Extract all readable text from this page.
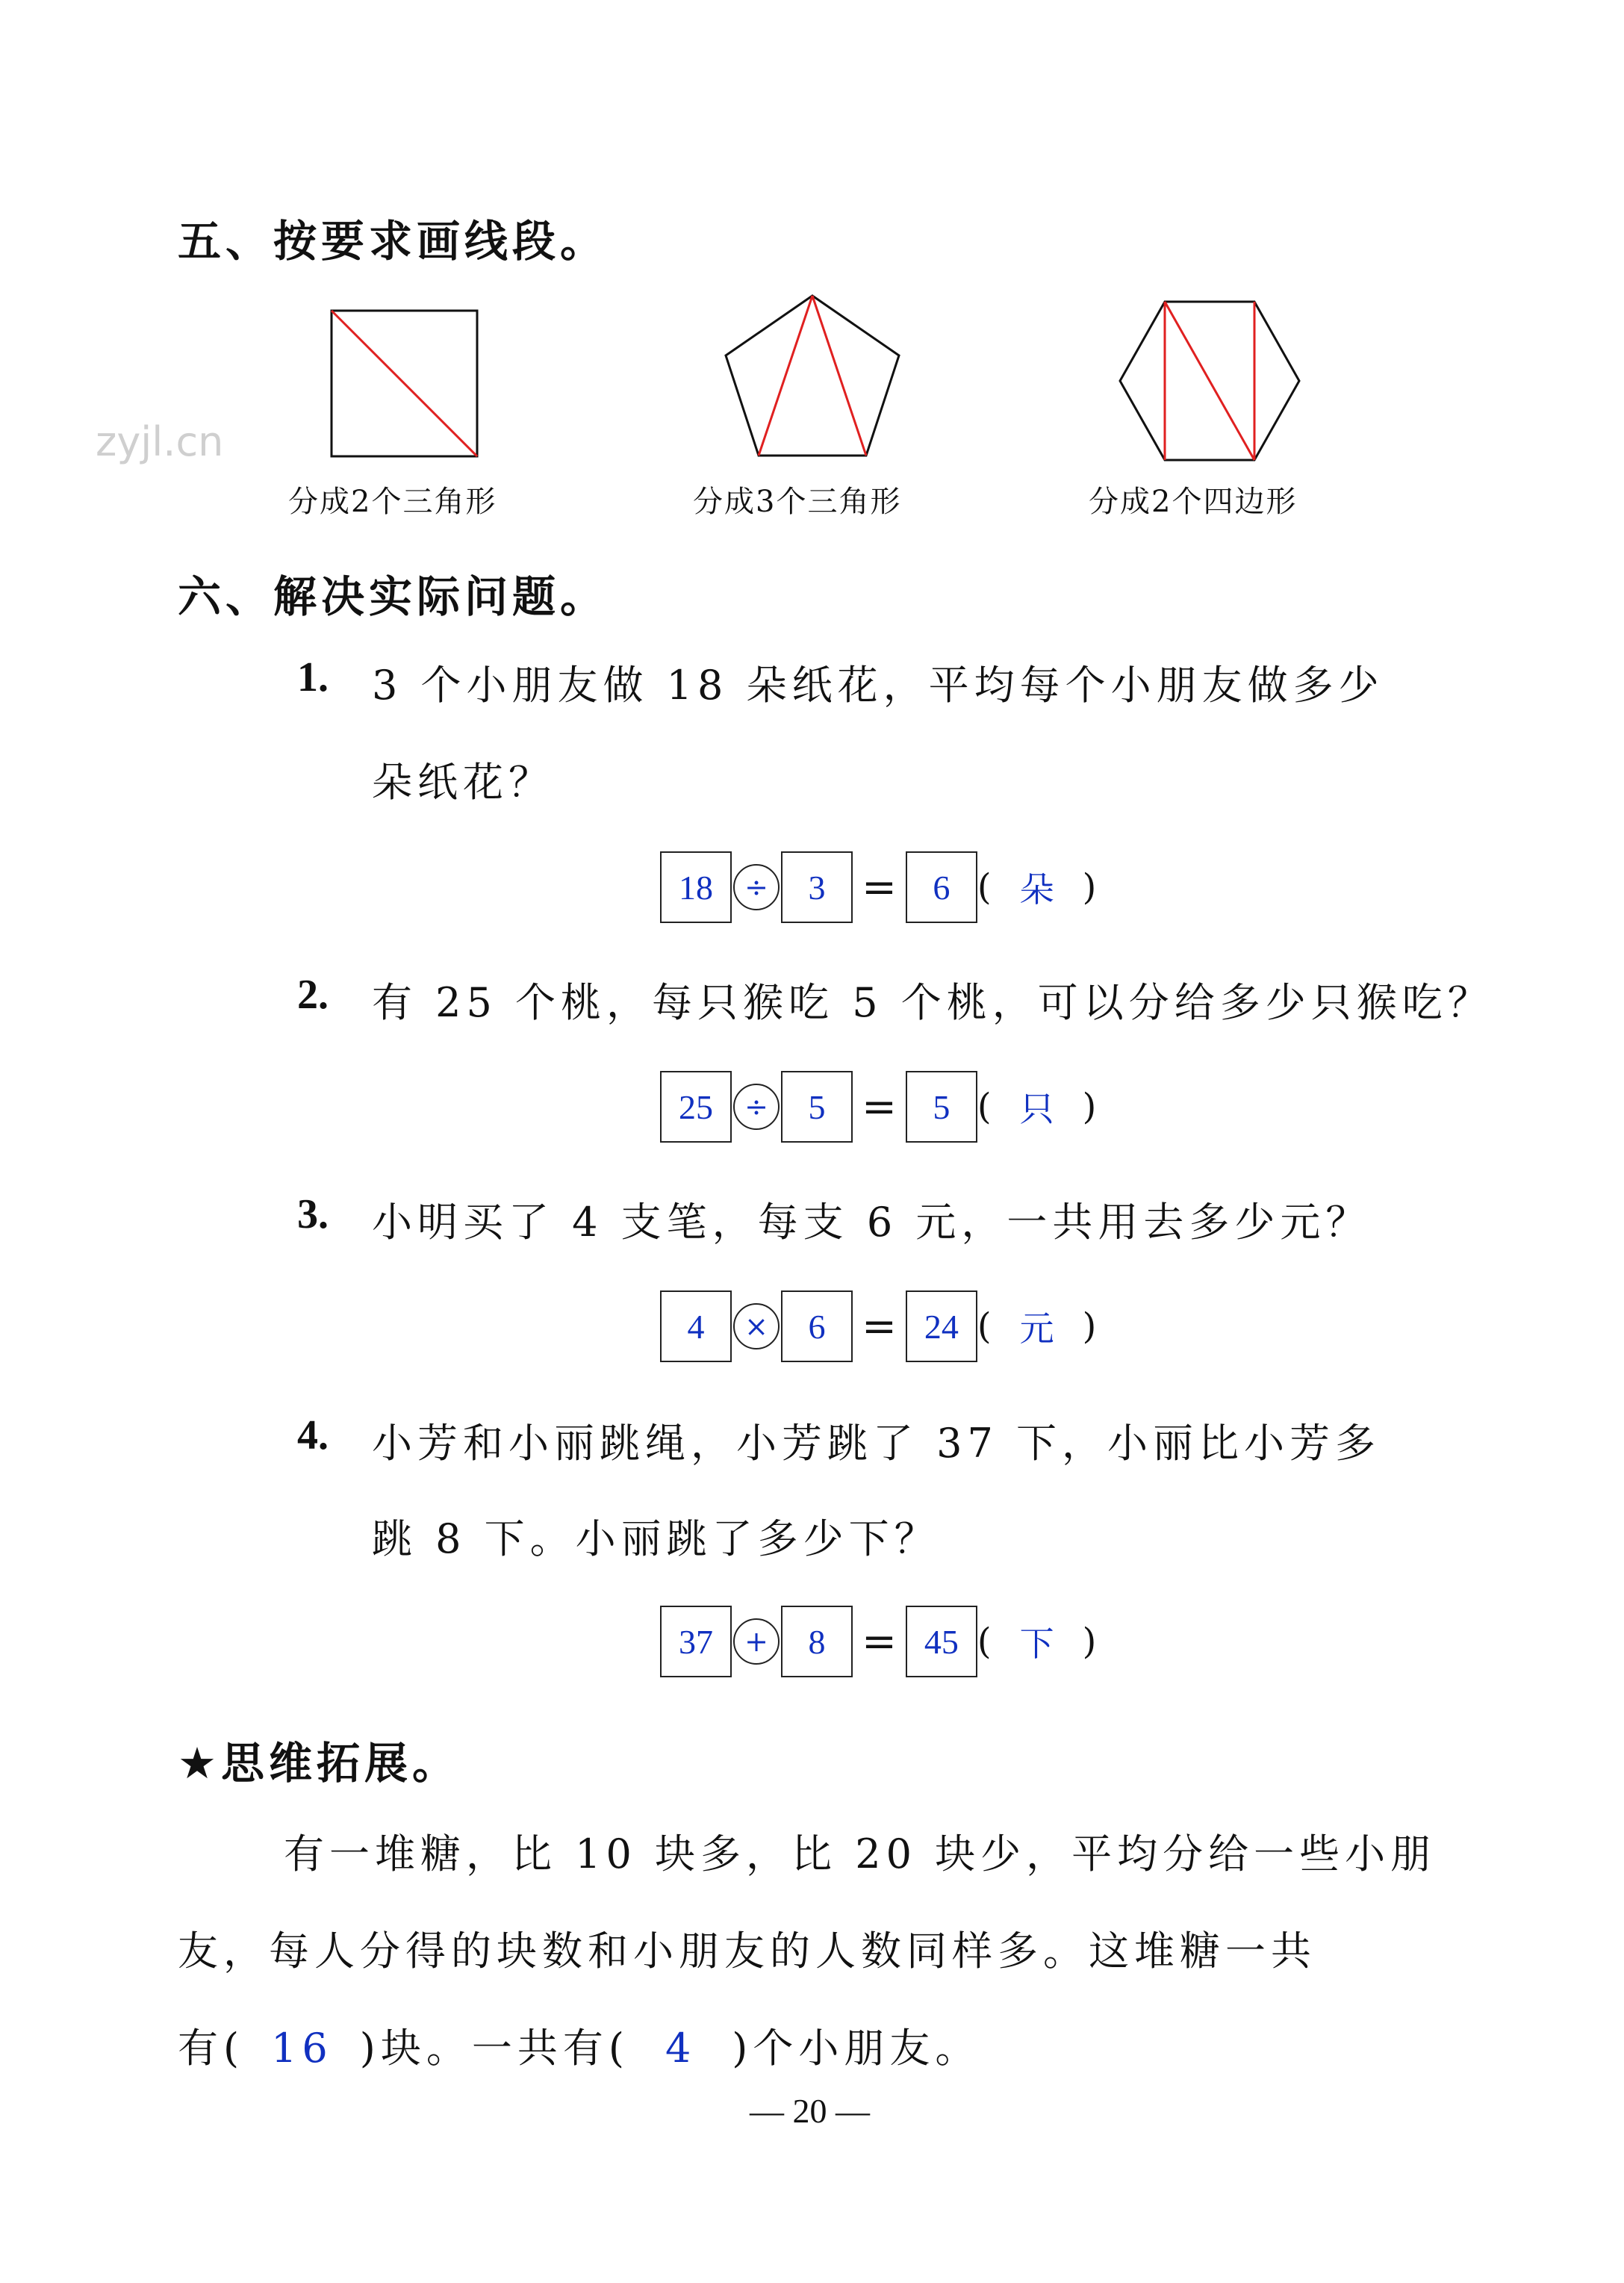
五、按要求画线段。
zyjl.cn
分成2个三角形	分成3个三角形	分成2个四边形
六、解决实际问题。
1. 3 个小朋友做 18 朵纸花，平均每个小朋友做多少
朵纸花？
18	÷	3 =	6 ( 朵 )
2. 有 25 个桃，每只猴吃 5 个桃，可以分给多少只猴吃？
25	÷	5 =	5 ( 只 )
3. 小明买了 4 支笔，每支 6 元，一共用去多少元？
4	×	6 = 24 ( 元 )
4. 小芳和小丽跳绳，小芳跳了 37 下，小丽比小芳多
跳 8 下。小丽跳了多少下？
37	+	8 = 45 ( 下 )
★思维拓展。
有一堆糖，比 10 块多，比 20 块少，平均分给一些小朋
友，每人分得的块数和小朋友的人数同样多。这堆糖一共
有( 16 )块。一共有( 4 )个小朋友。
— 20 —
